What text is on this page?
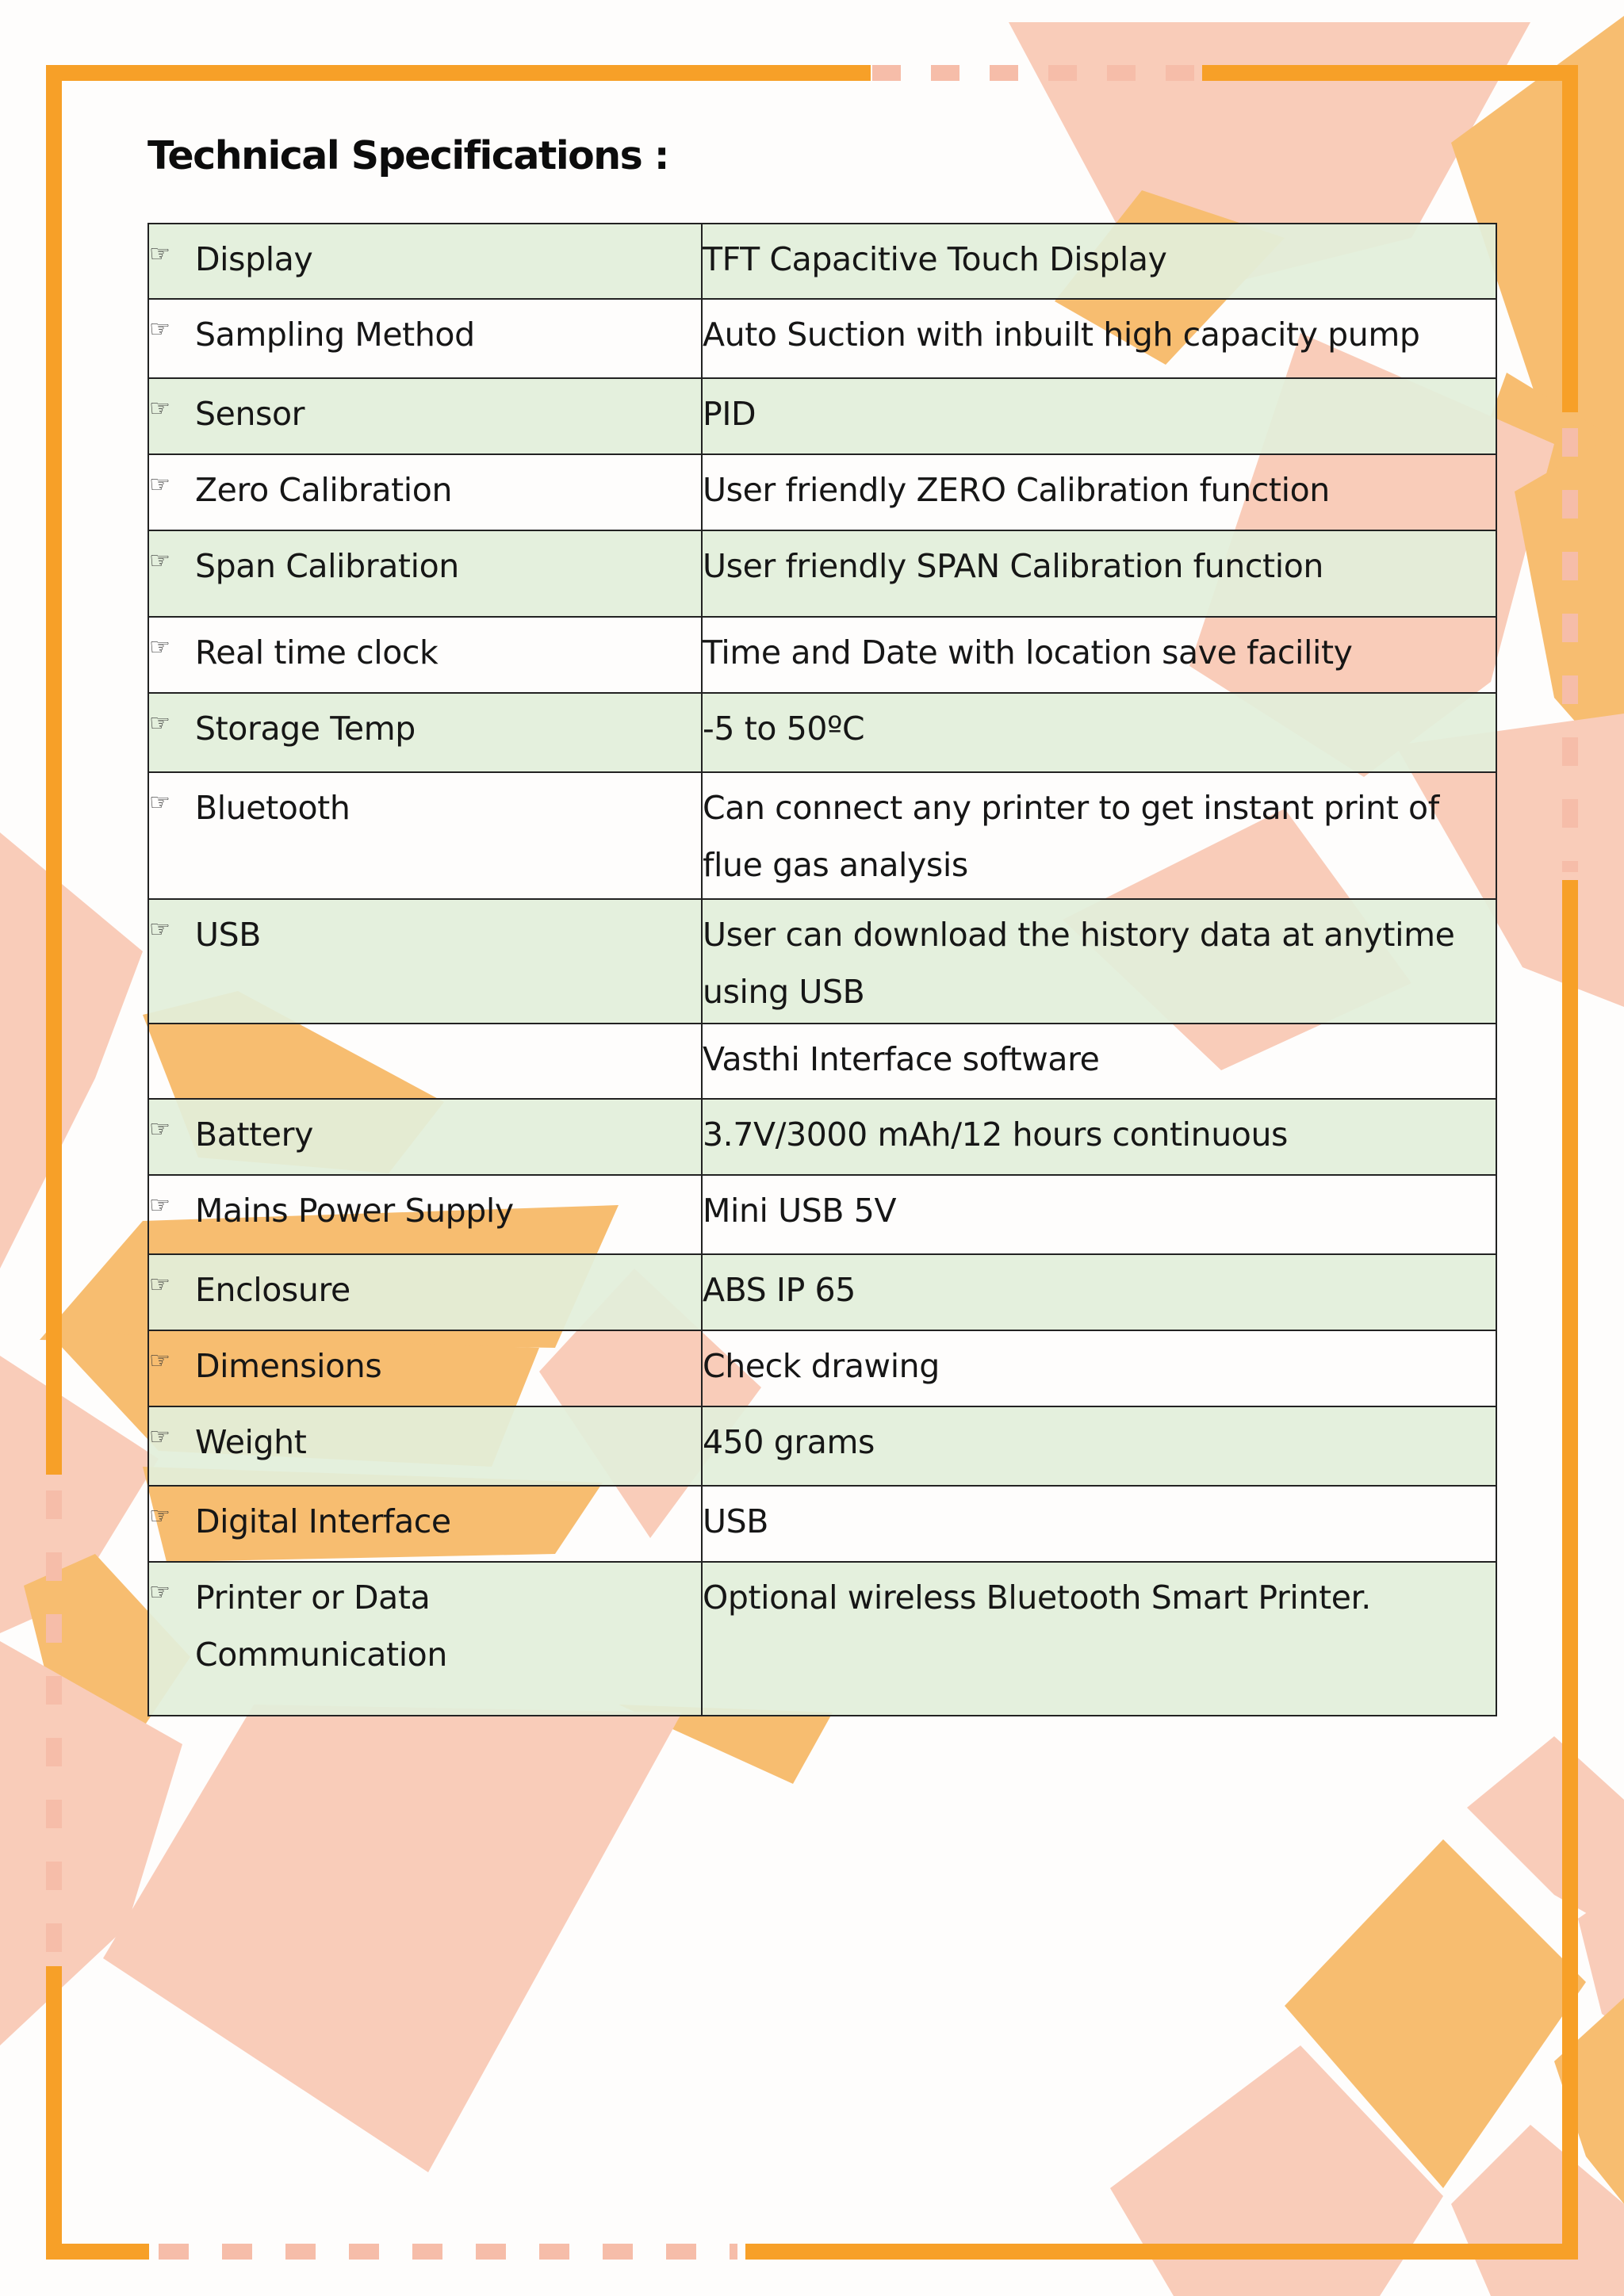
Technical Specifications :
☞ Display	TFT Capacitive Touch Display

☞ Sampling Method	Auto Suction with inbuilt high capacity pump

☞ Sensor	PID

☞ Zero Calibration	User friendly ZERO Calibration function

☞ Span Calibration	User friendly SPAN Calibration function

☞ Real time clock	Time and Date with location save facility

☞ Storage Temp	-5 to 50ºC

☞ Bluetooth	Can connect any printer to get instant print of flue gas analysis

☞ USB	User can download the history data at anytime using USB

	Vasthi Interface software

☞ Battery	3.7V/3000 mAh/12 hours continuous

☞ Mains Power Supply	Mini USB 5V

☞ Enclosure	ABS IP 65

☞ Dimensions	Check drawing

☞ Weight	450 grams

☞ Digital Interface	USB

☞ Printer or Data Communication	Optional wireless Bluetooth Smart Printer.
